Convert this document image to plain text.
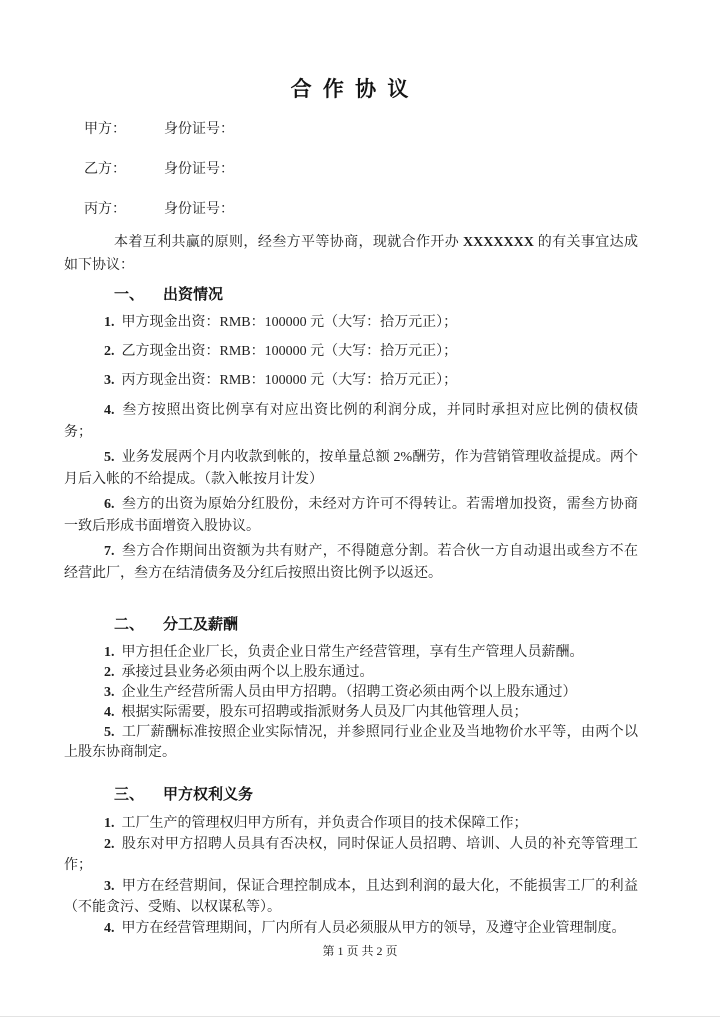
合 作 协 议
甲方：	身份证号：
乙方：	身份证号：
丙方：	身份证号：

本着互利共赢的原则，经叁方平等协商，现就合作开办 XXXXXXX 的有关事宜达成如下协议：

一、 出资情况

1. 甲方现金出资：RMB：100000 元（大写：拾万元正）；

2. 乙方现金出资：RMB：100000 元（大写：拾万元正）；

3. 丙方现金出资：RMB：100000 元（大写：拾万元正）；

4. 叁方按照出资比例享有对应出资比例的利润分成，并同时承担对应比例的债权债务；

5. 业务发展两个月内收款到帐的，按单量总额 2%酬劳，作为营销管理收益提成。两个月后入帐的不给提成。（款入帐按月计发）

6. 叁方的出资为原始分红股份，未经对方许可不得转让。若需增加投资，需叁方协商一致后形成书面增资入股协议。

7. 叁方合作期间出资额为共有财产，不得随意分割。若合伙一方自动退出或叁方不在经营此厂，叁方在结清债务及分红后按照出资比例予以返还。

二、 分工及薪酬

1. 甲方担任企业厂长，负责企业日常生产经营管理，享有生产管理人员薪酬。

2. 承接过县业务必须由两个以上股东通过。

3. 企业生产经营所需人员由甲方招聘。（招聘工资必须由两个以上股东通过）

4. 根据实际需要，股东可招聘或指派财务人员及厂内其他管理人员；

5. 工厂薪酬标准按照企业实际情况，并参照同行业企业及当地物价水平等，由两个以上股东协商制定。

三、 甲方权利义务

1. 工厂生产的管理权归甲方所有，并负责合作项目的技术保障工作；

2. 股东对甲方招聘人员具有否决权，同时保证人员招聘、培训、人员的补充等管理工作；

3. 甲方在经营期间，保证合理控制成本，且达到利润的最大化，不能损害工厂的利益（不能贪污、受贿、以权谋私等）。

4. 甲方在经营管理期间，厂内所有人员必须服从甲方的领导，及遵守企业管理制度。

第 1 页 共 2 页
